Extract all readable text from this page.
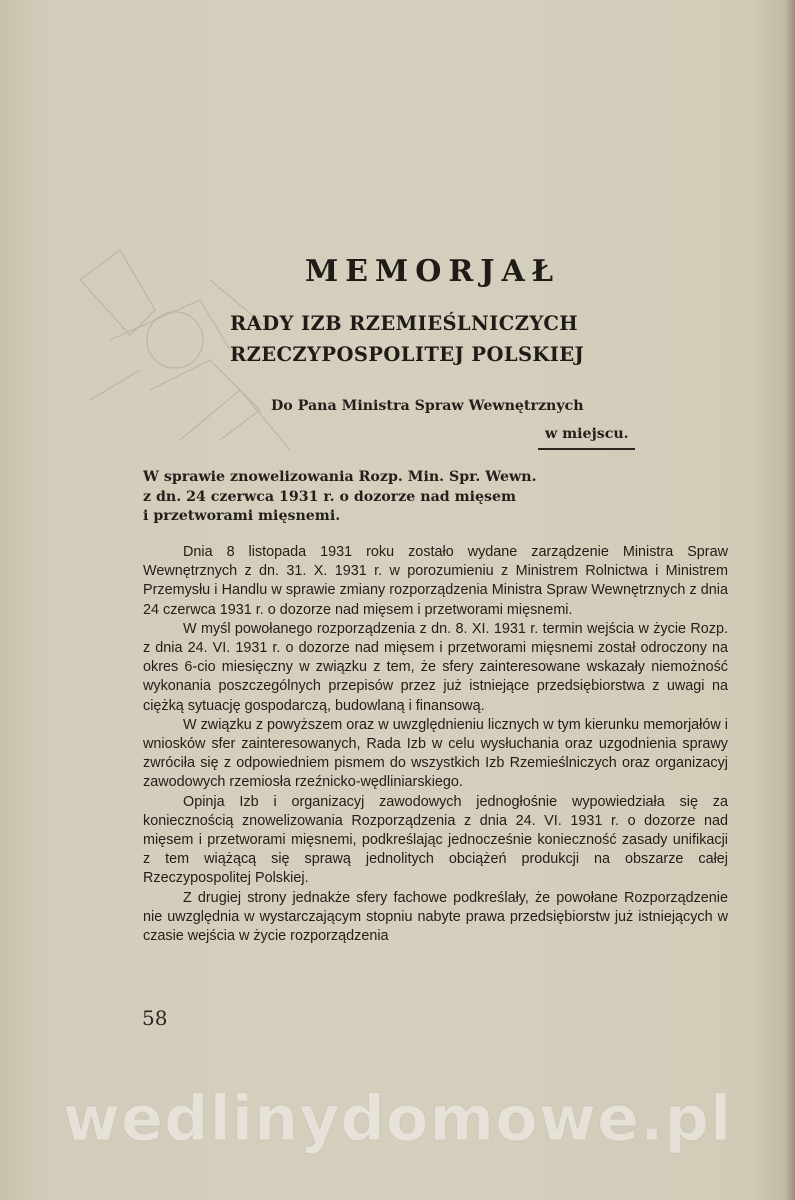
MEMORJAŁ
RADY IZB RZEMIEŚLNICZYCH
RZECZYPOSPOLITEJ POLSKIEJ
Do Pana Ministra Spraw Wewnętrznych
w miejscu.
W sprawie znowelizowania Rozp. Min. Spr. Wewn.
z dn. 24 czerwca 1931 r. o dozorze nad mięsem
i przetworami mięsnemi.

Dnia 8 listopada 1931 roku zostało wydane zarządzenie Ministra Spraw Wewnętrznych z dn. 31. X. 1931 r. w porozumieniu z Ministrem Rolnictwa i Ministrem Przemysłu i Handlu w sprawie zmiany rozporządzenia Ministra Spraw Wewnętrznych z dnia 24 czerwca 1931 r. o dozorze nad mięsem i przetworami mięsnemi.

W myśl powołanego rozporządzenia z dn. 8. XI. 1931 r. termin wejścia w życie Rozp. z dnia 24. VI. 1931 r. o dozorze nad mięsem i przetworami mięsnemi został odroczony na okres 6-cio miesięczny w związku z tem, że sfery zainteresowane wskazały niemożność wykonania poszczególnych przepisów przez już istniejące przedsiębiorstwa z uwagi na ciężką sytuację gospodarczą, budowlaną i finansową.

W związku z powyższem oraz w uwzględnieniu licznych w tym kierunku memorjałów i wniosków sfer zainteresowanych, Rada Izb w celu wysłuchania oraz uzgodnienia sprawy zwróciła się z odpowiedniem pismem do wszystkich Izb Rzemieślniczych oraz organizacyj zawodowych rzemiosła rzeźnicko-wędliniarskiego.

Opinja Izb i organizacyj zawodowych jednogłośnie wypowiedziała się za koniecznością znowelizowania Rozporządzenia z dnia 24. VI. 1931 r. o dozorze nad mięsem i przetworami mięsnemi, podkreślając jednocześnie konieczność zasady unifikacji z tem wiążącą się sprawą jednolitych obciążeń produkcji na obszarze całej Rzeczypospolitej Polskiej.

Z drugiej strony jednakże sfery fachowe podkreślały, że powołane Rozporządzenie nie uwzględnia w wystarczającym stopniu nabyte prawa przedsiębiorstw już istniejących w czasie wejścia w życie rozporządzenia

58
wedlinydomowe.pl
